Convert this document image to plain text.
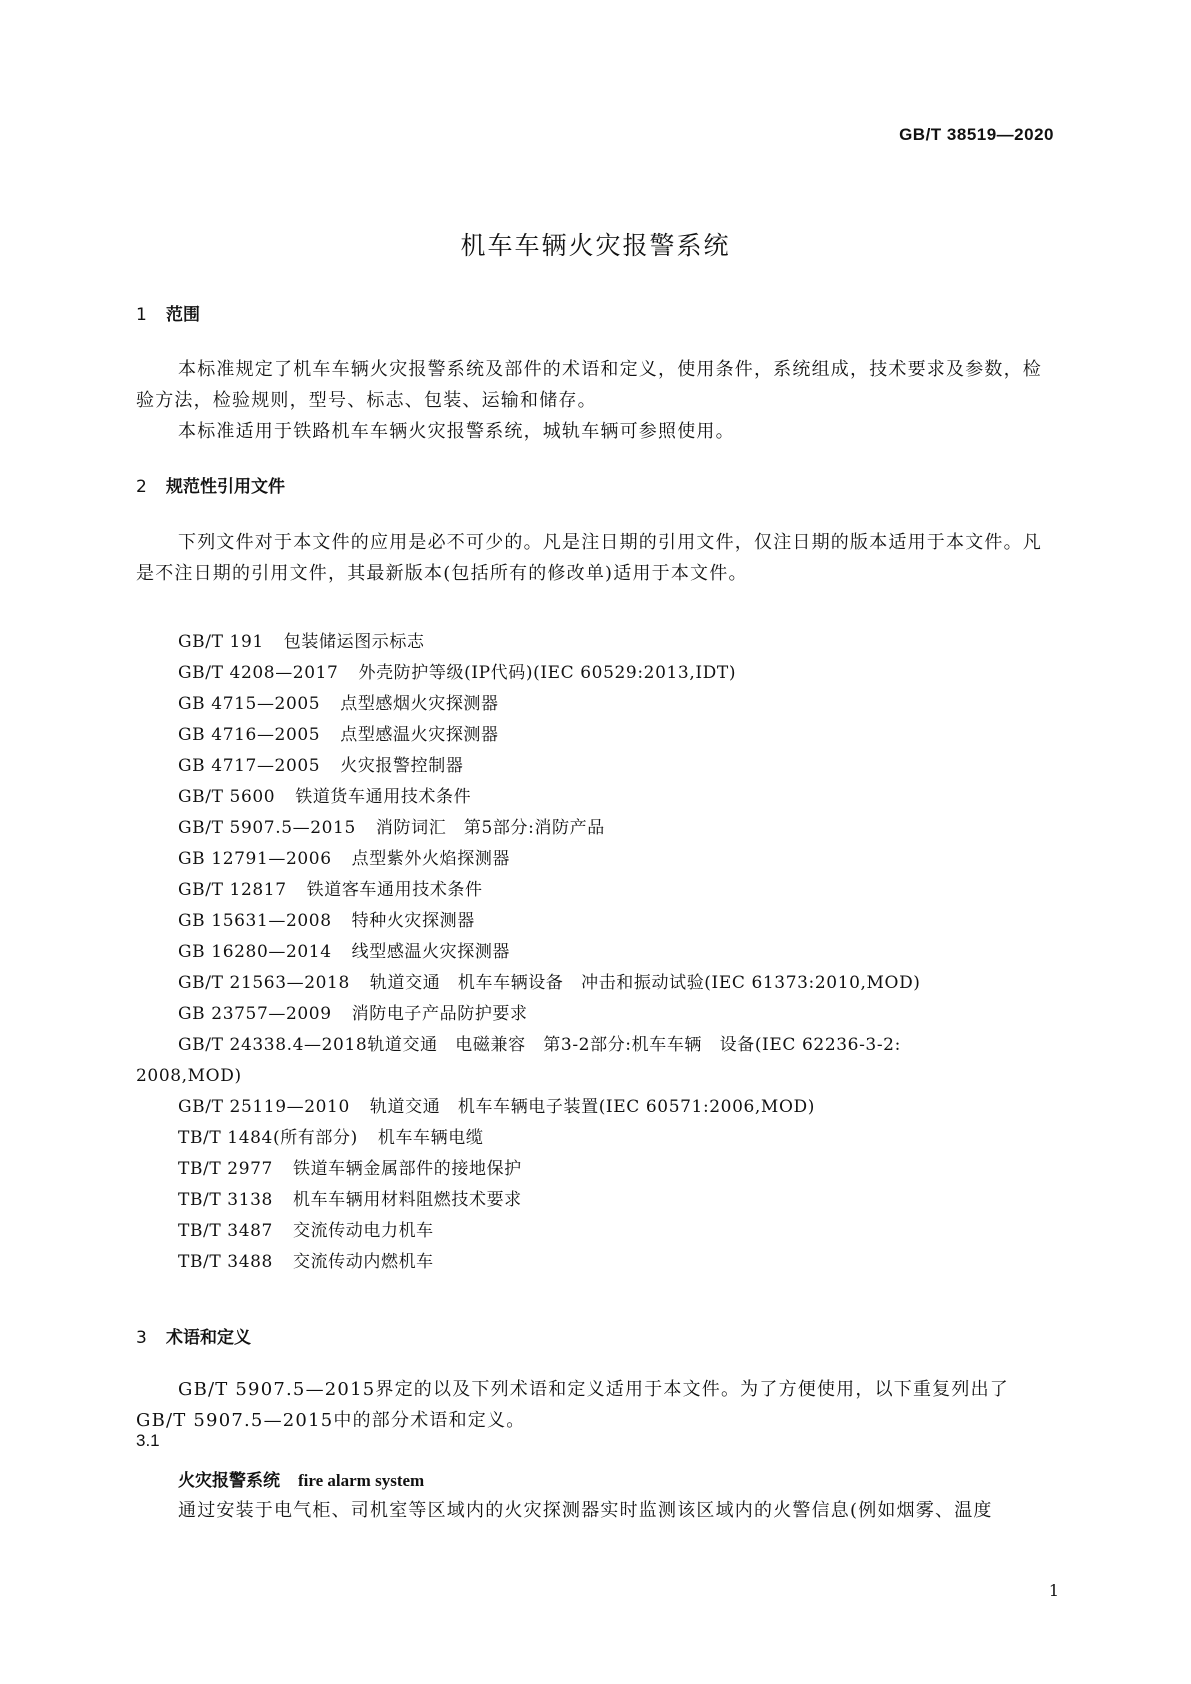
GB/T 38519—2020
机车车辆火灾报警系统
1 范围
本标准规定了机车车辆火灾报警系统及部件的术语和定义，使用条件，系统组成，技术要求及参数，检验方法，检验规则，型号、标志、包装、运输和储存。
本标准适用于铁路机车车辆火灾报警系统，城轨车辆可参照使用。
2 规范性引用文件
下列文件对于本文件的应用是必不可少的。凡是注日期的引用文件，仅注日期的版本适用于本文件。凡是不注日期的引用文件，其最新版本(包括所有的修改单)适用于本文件。
GB/T 191 包装储运图示标志
GB/T 4208—2017 外壳防护等级(IP代码)(IEC 60529:2013,IDT)
GB 4715—2005 点型感烟火灾探测器
GB 4716—2005 点型感温火灾探测器
GB 4717—2005 火灾报警控制器
GB/T 5600 铁道货车通用技术条件
GB/T 5907.5—2015 消防词汇　第5部分:消防产品
GB 12791—2006 点型紫外火焰探测器
GB/T 12817 铁道客车通用技术条件
GB 15631—2008 特种火灾探测器
GB 16280—2014 线型感温火灾探测器
GB/T 21563—2018 轨道交通　机车车辆设备　冲击和振动试验(IEC 61373:2010,MOD)
GB 23757—2009 消防电子产品防护要求
GB/T 24338.4—2018轨道交通　电磁兼容　第3-2部分:机车车辆　设备(IEC 62236-3-2:
2008,MOD)
GB/T 25119—2010 轨道交通　机车车辆电子装置(IEC 60571:2006,MOD)
TB/T 1484(所有部分) 机车车辆电缆
TB/T 2977 铁道车辆金属部件的接地保护
TB/T 3138 机车车辆用材料阻燃技术要求
TB/T 3487 交流传动电力机车
TB/T 3488 交流传动内燃机车
3 术语和定义
GB/T 5907.5—2015界定的以及下列术语和定义适用于本文件。为了方便使用，以下重复列出了GB/T 5907.5—2015中的部分术语和定义。
3.1
火灾报警系统 fire alarm system
通过安装于电气柜、司机室等区域内的火灾探测器实时监测该区域内的火警信息(例如烟雾、温度
1
